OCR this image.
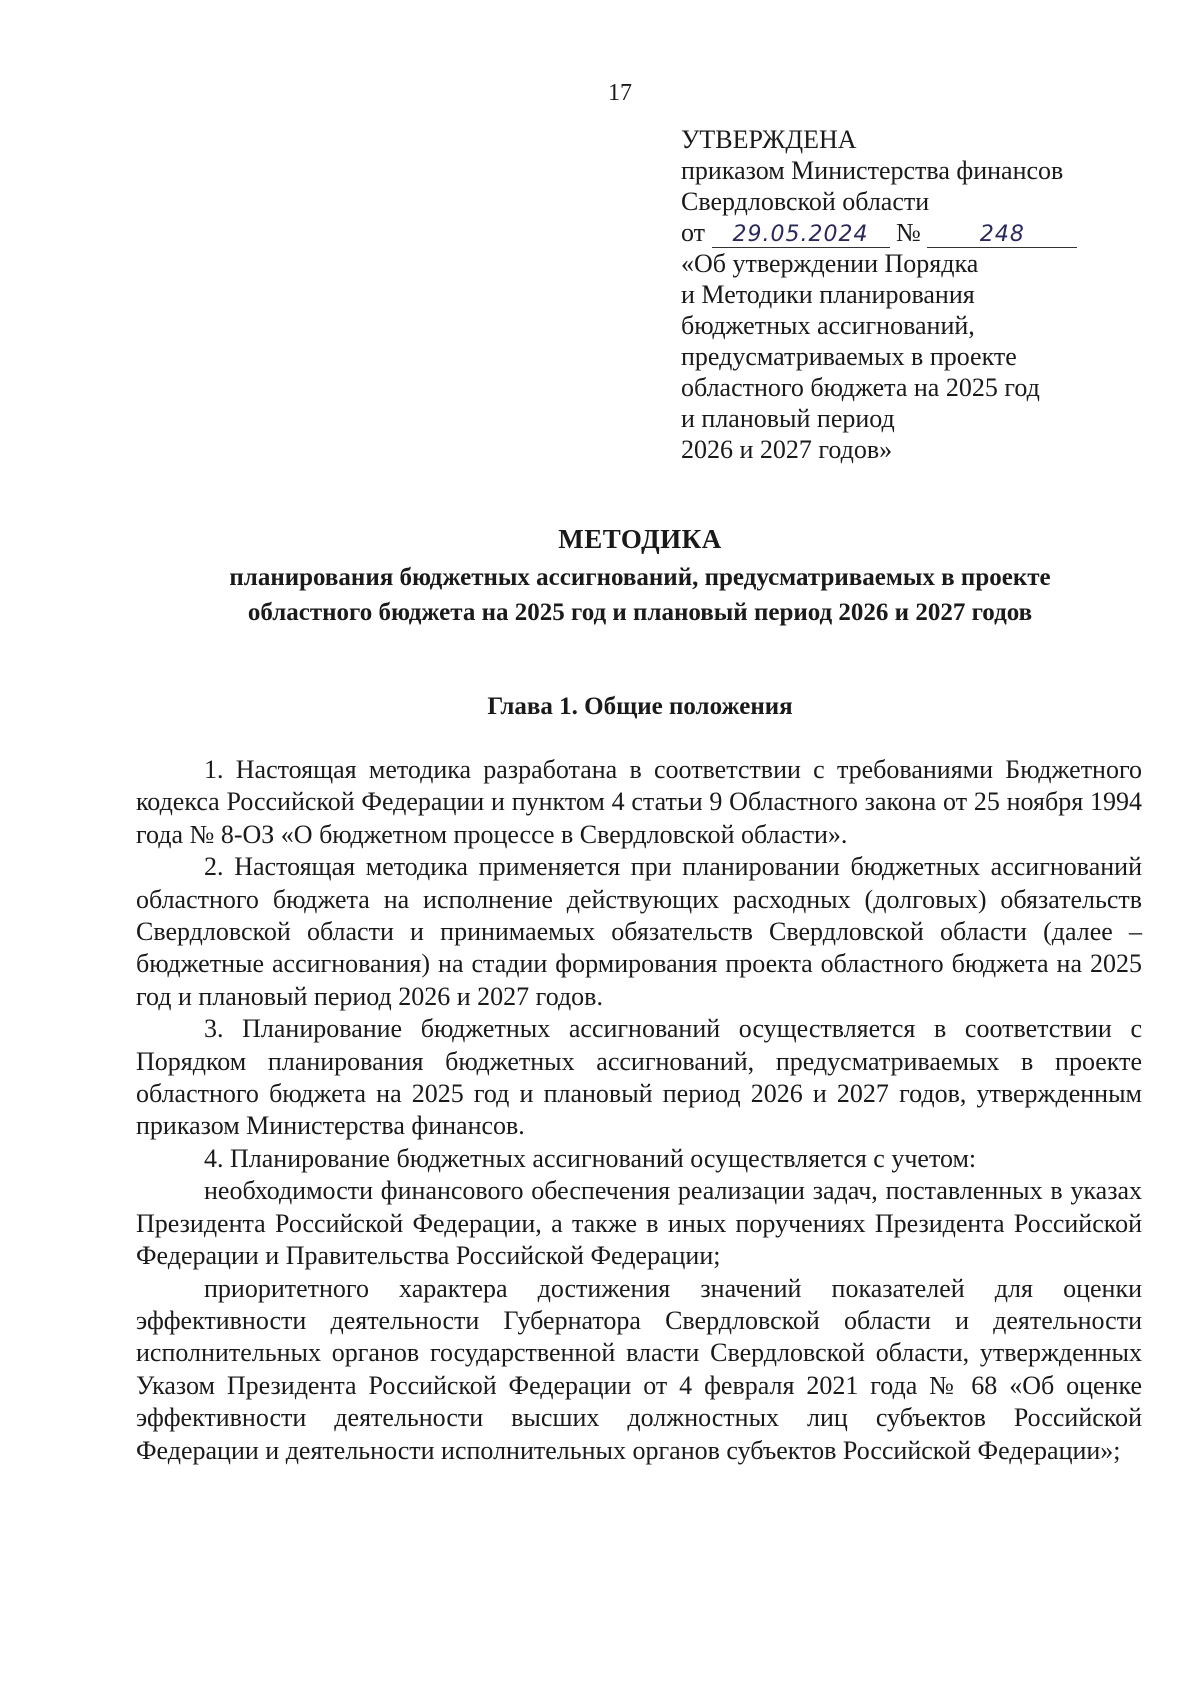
17
УТВЕРЖДЕНА
приказом Министерства финансов
Свердловской области
от 29.05.2024 №	248
«Об утверждении Порядка
и Методики планирования
бюджетных ассигнований,
предусматриваемых в проекте
областного бюджета на 2025 год
и плановый период
2026 и 2027 годов»
МЕТОДИКА
планирования бюджетных ассигнований, предусматриваемых в проекте
областного бюджета на 2025 год и плановый период 2026 и 2027 годов
Глава 1. Общие положения

1. Настоящая методика разработана в соответствии с требованиями Бюджетного кодекса Российской Федерации и пунктом 4 статьи 9 Областного закона от 25 ноября 1994 года № 8-ОЗ «О бюджетном процессе в Свердловской области».

2. Настоящая методика применяется при планировании бюджетных ассигнований областного бюджета на исполнение действующих расходных (долговых) обязательств Свердловской области и принимаемых обязательств Свердловской области (далее – бюджетные ассигнования) на стадии формирования проекта областного бюджета на 2025 год и плановый период 2026 и 2027 годов.

3. Планирование бюджетных ассигнований осуществляется в соответствии с Порядком планирования бюджетных ассигнований, предусматриваемых в проекте областного бюджета на 2025 год и плановый период 2026 и 2027 годов, утвержденным приказом Министерства финансов.

4. Планирование бюджетных ассигнований осуществляется с учетом:

необходимости финансового обеспечения реализации задач, поставленных в указах Президента Российской Федерации, а также в иных поручениях Президента Российской Федерации и Правительства Российской Федерации;

приоритетного характера достижения значений показателей для оценки эффективности деятельности Губернатора Свердловской области и деятельности исполнительных органов государственной власти Свердловской области, утвержденных Указом Президента Российской Федерации от 4 февраля 2021 года № 68 «Об оценке эффективности деятельности высших должностных лиц субъектов Российской Федерации и деятельности исполнительных органов субъектов Российской Федерации»;
